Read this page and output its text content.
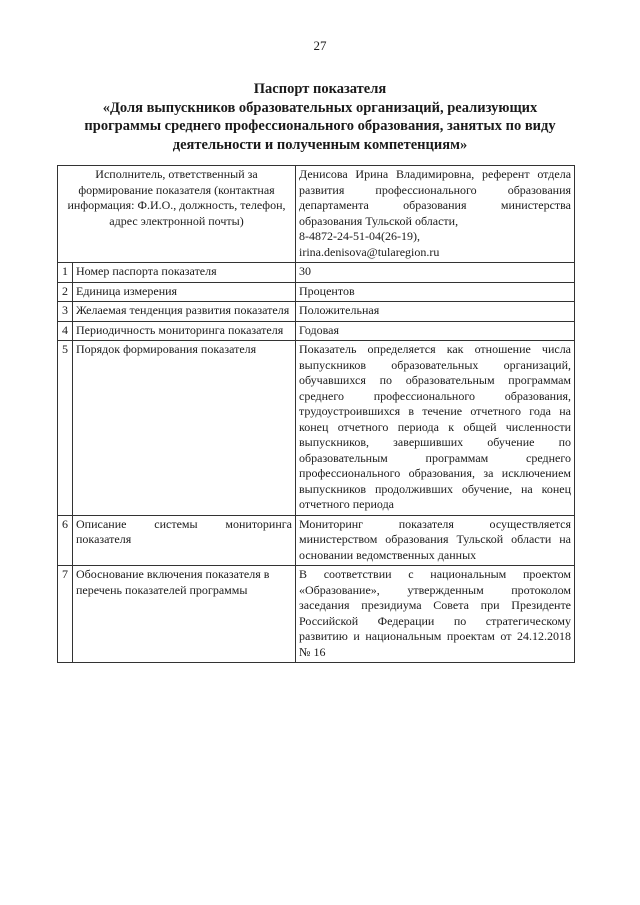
27
Паспорт показателя
«Доля выпускников образовательных организаций, реализующих
программы среднего профессионального образования, занятых по виду
деятельности и полученным компетенциям»
Исполнитель, ответственный за формирование показателя (контактная информация: Ф.И.О., должность, телефон, адрес электронной почты)		Денисова Ирина Владимировна, референт отдела развития профессионального образования департамента образования министерства образования Тульской области,
8-4872-24-51-04(26-19),
irina.denisova@tularegion.ru

1	Номер паспорта показателя	30
2	Единица измерения	Процентов
3	Желаемая тенденция развития показателя	Положительная
4	Периодичность мониторинга показателя	Годовая
5	Порядок формирования показателя	Показатель определяется как отношение числа выпускников образовательных организаций, обучавшихся по образовательным программам среднего профессионального образования, трудоустроившихся в течение отчетного года на конец отчетного периода к общей численности выпускников, завершивших обучение по образовательным программам среднего профессионального образования, за исключением выпускников продолживших обучение, на конец отчетного периода
6	Описание системы мониторинга показателя	Мониторинг показателя осуществляется министерством образования Тульской области на основании ведомственных данных
7	Обоснование включения показателя в перечень показателей программы	В соответствии с национальным проектом «Образование», утвержденным протоколом заседания президиума Совета при Президенте Российской Федерации по стратегическому развитию и национальным проектам от 24.12.2018 № 16
